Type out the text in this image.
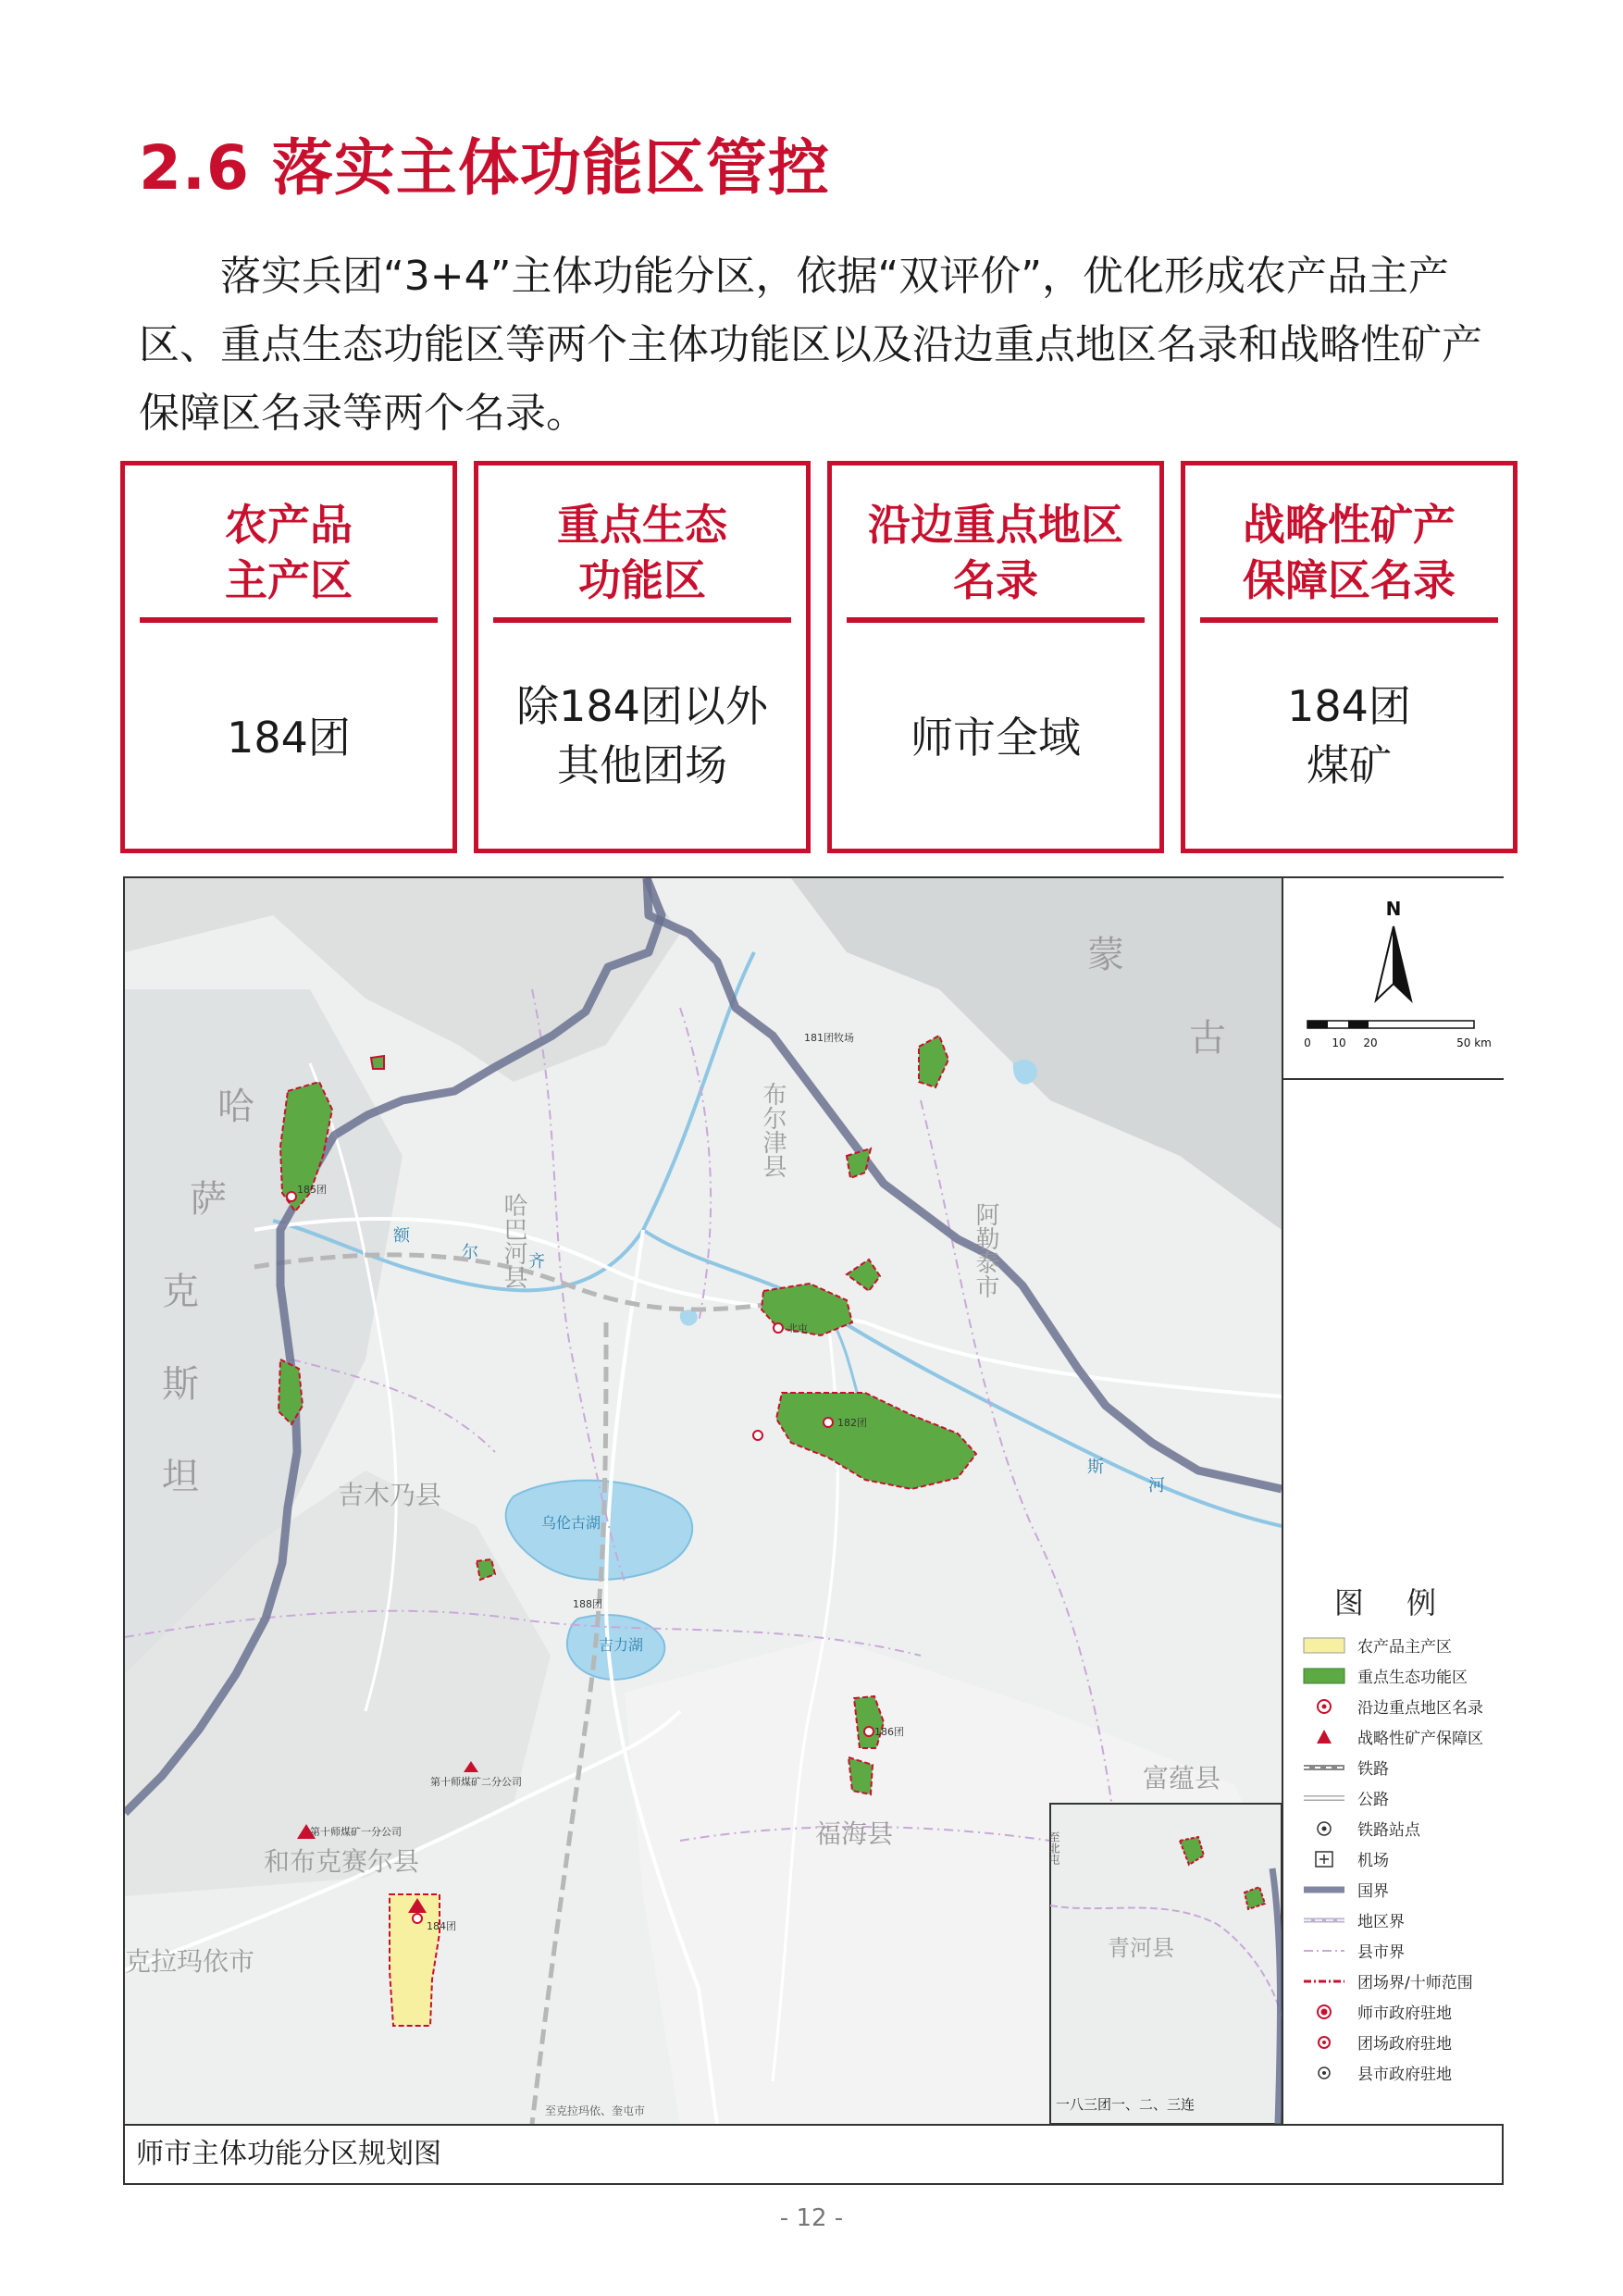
2.6 落实主体功能区管控

落实兵团“3+4”主体功能分区，依据“双评价”，优化形成农产品主产区、重点生态功能区等两个主体功能区以及沿边重点地区名录和战略性矿产保障区名录等两个名录。

农产品
主产区
184团
重点生态
功能区
除184团以外
其他团场
沿边重点地区
名录
师市全域
战略性矿产
保障区名录
184团
煤矿
哈
萨
克
斯
坦
蒙
古
布尔津县
哈巴河县	阿勒泰市
吉木乃县
福海县
富蕴县
和布克赛尔县
克拉玛依市
乌伦古湖
吉力湖
额
尔	齐
斯
河
185团
北屯
182团
186团
188团
第十师煤矿一分公司
第十师煤矿二分公司
181团牧场
184团
至克拉玛依、奎屯市
青河县
至北屯
一八三团一、二、三连
N
0 10 20	50 km
图 例
农产品主产区
重点生态功能区
沿边重点地区名录
战略性矿产保障区
铁路
公路
铁路站点
机场
国界
地区界
县市界
团场界/十师范围
师市政府驻地
团场政府驻地
县市政府驻地
师市主体功能分区规划图
- 12 -
